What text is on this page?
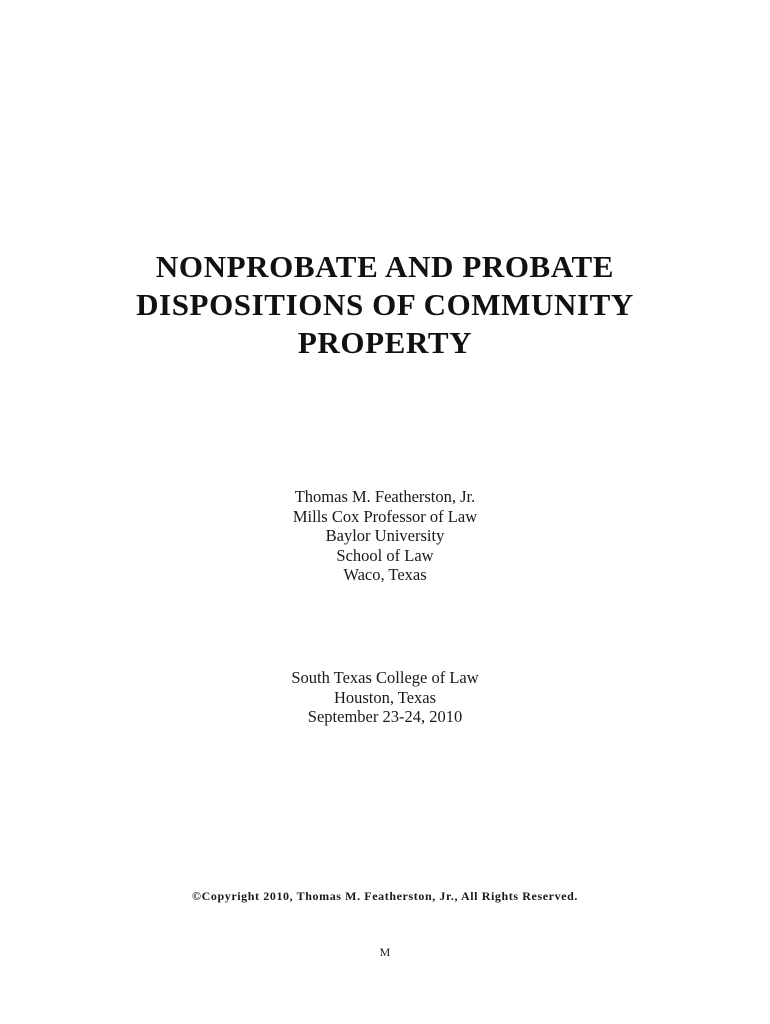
NONPROBATE AND PROBATE
DISPOSITIONS OF COMMUNITY
PROPERTY
Thomas M. Featherston, Jr.
Mills Cox Professor of Law
Baylor University
School of Law
Waco, Texas
South Texas College of Law
Houston, Texas
September 23-24, 2010
©Copyright 2010, Thomas M. Featherston, Jr., All Rights Reserved.
M
